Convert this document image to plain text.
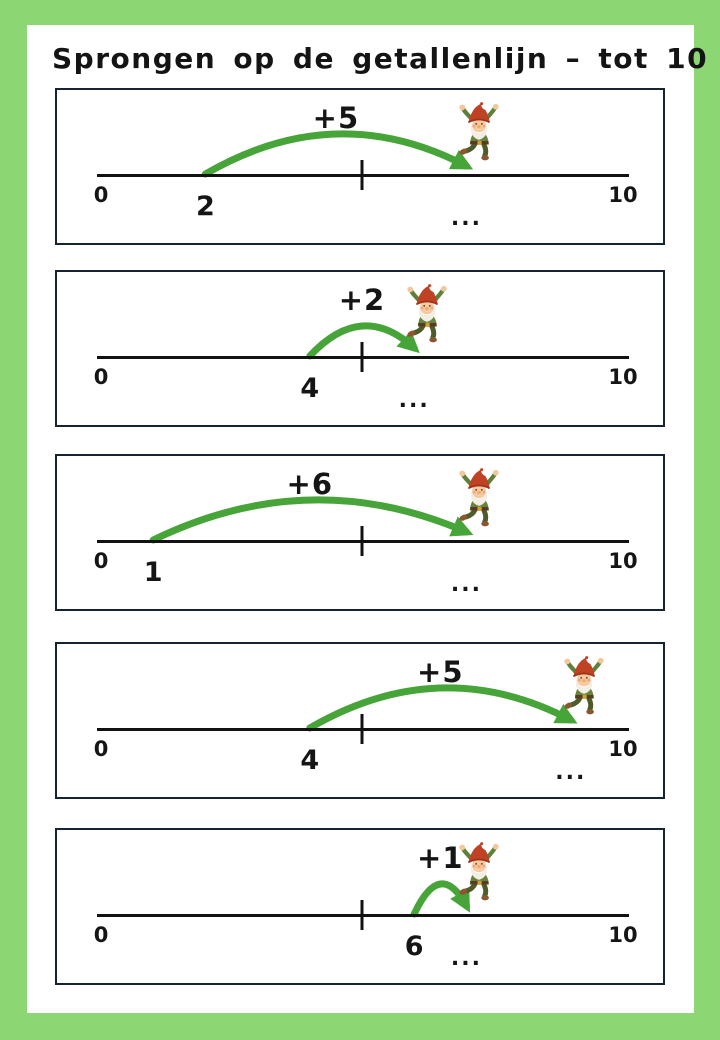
Sprongen op de getallenlijn – tot 10
+5
0	10
2	...
+2
0	10
4	...
+6
0	10
1	...
+5
0	10
4	...
+1
0	10
6 ...
